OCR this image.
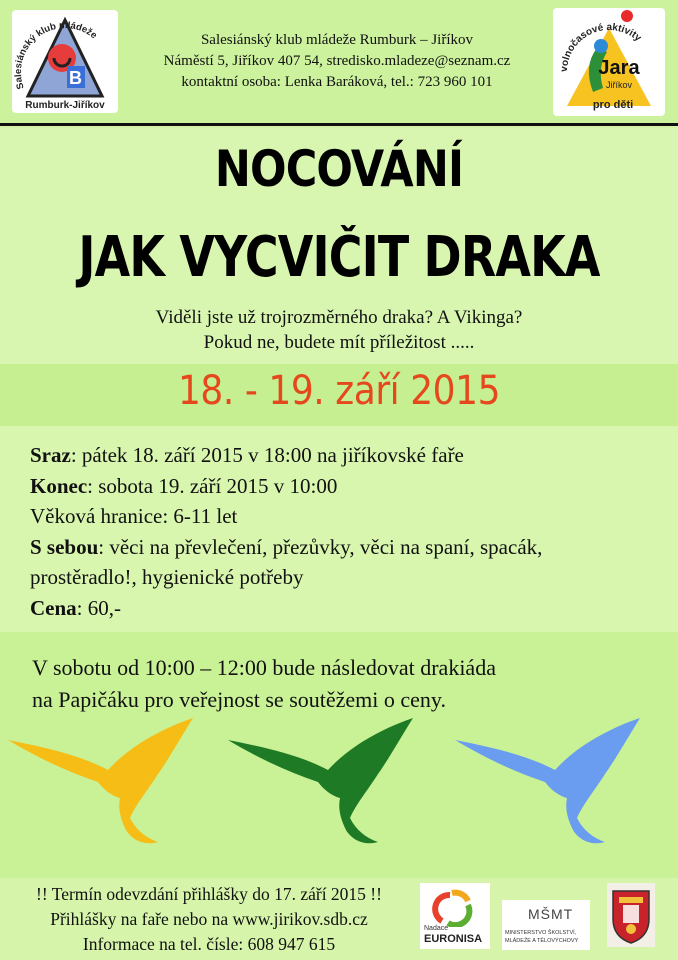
B
Salesiánský klub mládeže
Rumburk-Jiříkov
Salesiánský klub mládeže Rumburk – Jiříkov
Náměstí 5, Jiříkov 407 54, stredisko.mladeze@seznam.cz
kontaktní osoba: Lenka Baráková, tel.: 723 960 101
volnočasové aktivity
Jara
Jiříkov
pro děti
NOCOVÁNÍ
JAK VYCVIČIT DRAKA
Viděli jste už trojrozměrného draka? A Vikinga?
Pokud ne, budete mít příležitost .....
18. - 19. září 2015
Sraz: pátek 18. září 2015 v 18:00 na jiříkovské faře
Konec: sobota 19. září 2015 v 10:00
Věková hranice: 6-11 let
S sebou: věci na převlečení, přezůvky, věci na spaní, spacák,
prostěradlo!, hygienické potřeby
Cena: 60,-
V sobotu od 10:00 – 12:00 bude následovat drakiáda
na Papičáku pro veřejnost se soutěžemi o ceny.
!! Termín odevzdání přihlášky do 17. září 2015 !!
Přihlášky na faře nebo na www.jirikov.sdb.cz
Informace na tel. čísle: 608 947 615
Nadace
EURONISA
MŠMT
MINISTERSTVO ŠKOLSTVÍ,
MLÁDEŽE A TĚLOVÝCHOVY
